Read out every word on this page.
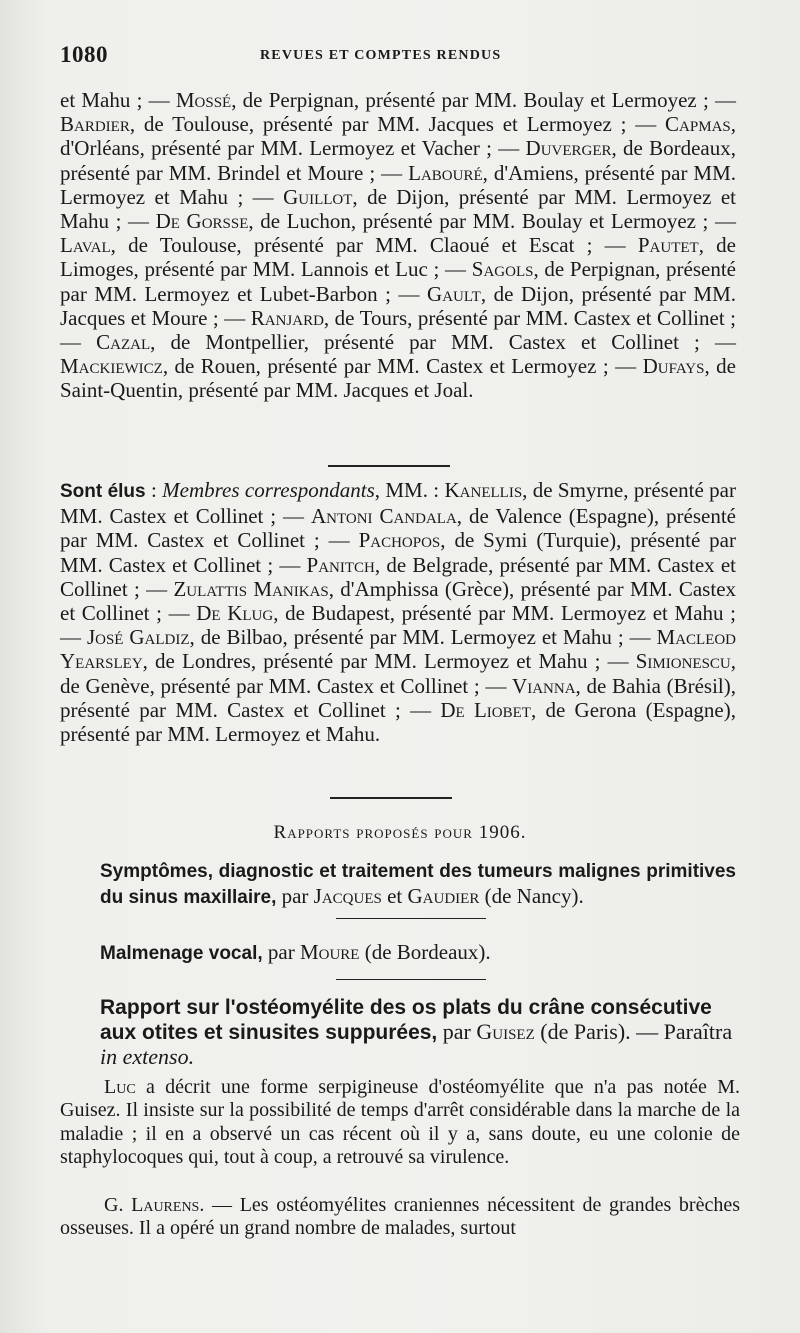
1080	REVUES ET COMPTES RENDUS
et Mahu ; — Mossé, de Perpignan, présenté par MM. Boulay et Lermoyez ; — Bardier, de Toulouse, présenté par MM. Jacques et Lermoyez ; — Capmas, d'Orléans, présenté par MM. Lermoyez et Vacher ; — Duverger, de Bordeaux, présenté par MM. Brindel et Moure ; — Labouré, d'Amiens, présenté par MM. Lermoyez et Mahu ; — Guillot, de Dijon, présenté par MM. Lermoyez et Mahu ; — De Gorsse, de Luchon, présenté par MM. Boulay et Lermoyez ; — Laval, de Toulouse, présenté par MM. Claoué et Escat ; — Pautet, de Limoges, présenté par MM. Lannois et Luc ; — Sagols, de Perpignan, présenté par MM. Lermoyez et Lubet-Barbon ; — Gault, de Dijon, présenté par MM. Jacques et Moure ; — Ranjard, de Tours, présenté par MM. Castex et Collinet ; — Cazal, de Montpellier, présenté par MM. Castex et Collinet ; — Mackiewicz, de Rouen, présenté par MM. Castex et Lermoyez ; — Dufays, de Saint-Quentin, présenté par MM. Jacques et Joal.
Sont élus : Membres correspondants, MM. : Kanellis, de Smyrne, présenté par MM. Castex et Collinet ; — Antoni Candala, de Valence (Espagne), présenté par MM. Castex et Collinet ; — Pachopos, de Symi (Turquie), présenté par MM. Castex et Collinet ; — Panitch, de Belgrade, présenté par MM. Castex et Collinet ; — Zulattis Manikas, d'Amphissa (Grèce), présenté par MM. Castex et Collinet ; — De Klug, de Budapest, présenté par MM. Lermoyez et Mahu ; — José Galdiz, de Bilbao, présenté par MM. Lermoyez et Mahu ; — Macleod Yearsley, de Londres, présenté par MM. Lermoyez et Mahu ; — Simionescu, de Genève, présenté par MM. Castex et Collinet ; — Vianna, de Bahia (Brésil), présenté par MM. Castex et Collinet ; — De Liobet, de Gerona (Espagne), présenté par MM. Lermoyez et Mahu.
Rapports proposés pour 1906.
Symptômes, diagnostic et traitement des tumeurs malignes primitives du sinus maxillaire, par Jacques et Gaudier (de Nancy).
Malmenage vocal, par Moure (de Bordeaux).
Rapport sur l'ostéomyélite des os plats du crâne consécutive aux otites et sinusites suppurées, par Guisez (de Paris). — Paraîtra in extenso.
Luc a décrit une forme serpigineuse d'ostéomyélite que n'a pas notée M. Guisez. Il insiste sur la possibilité de temps d'arrêt considérable dans la marche de la maladie ; il en a observé un cas récent où il y a, sans doute, eu une colonie de staphylocoques qui, tout à coup, a retrouvé sa virulence.
G. Laurens. — Les ostéomyélites craniennes nécessitent de grandes brèches osseuses. Il a opéré un grand nombre de malades, surtout
